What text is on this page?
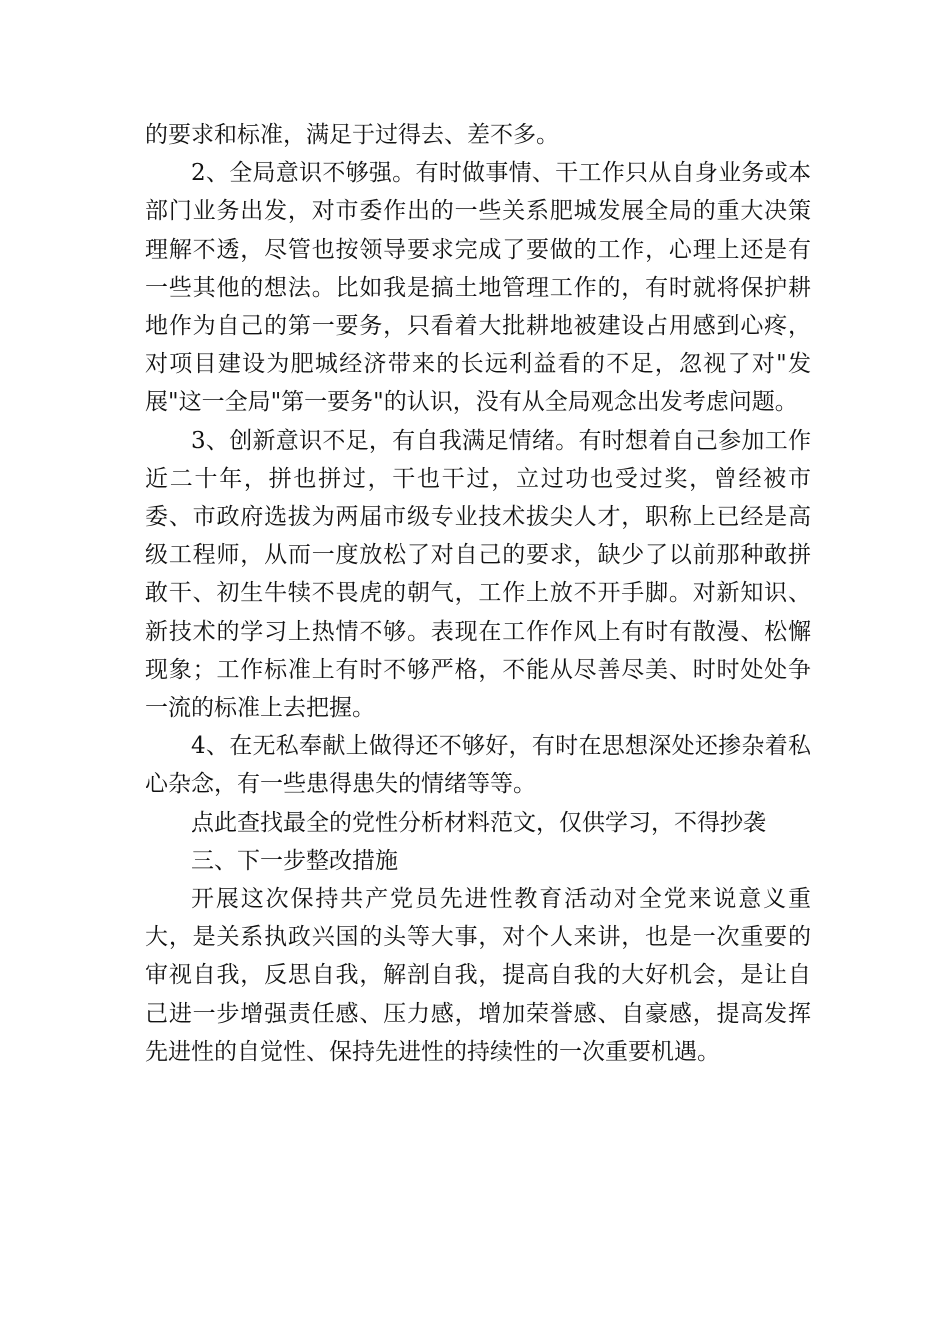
的要求和标准，满足于过得去、差不多。

2、全局意识不够强。有时做事情、干工作只从自身业务或本部门业务出发，对市委作出的一些关系肥城发展全局的重大决策理解不透，尽管也按领导要求完成了要做的工作，心理上还是有一些其他的想法。比如我是搞土地管理工作的，有时就将保护耕地作为自己的第一要务，只看着大批耕地被建设占用感到心疼，对项目建设为肥城经济带来的长远利益看的不足，忽视了对"发展"这一全局"第一要务"的认识，没有从全局观念出发考虑问题。

3、创新意识不足，有自我满足情绪。有时想着自己参加工作近二十年，拼也拼过，干也干过，立过功也受过奖，曾经被市委、市政府选拔为两届市级专业技术拔尖人才，职称上已经是高级工程师，从而一度放松了对自己的要求，缺少了以前那种敢拼敢干、初生牛犊不畏虎的朝气，工作上放不开手脚。对新知识、新技术的学习上热情不够。表现在工作作风上有时有散漫、松懈现象；工作标准上有时不够严格，不能从尽善尽美、时时处处争一流的标准上去把握。

4、在无私奉献上做得还不够好，有时在思想深处还掺杂着私心杂念，有一些患得患失的情绪等等。

点此查找最全的党性分析材料范文，仅供学习，不得抄袭

三、下一步整改措施

开展这次保持共产党员先进性教育活动对全党来说意义重大，是关系执政兴国的头等大事，对个人来讲，也是一次重要的审视自我，反思自我，解剖自我，提高自我的大好机会，是让自己进一步增强责任感、压力感，增加荣誉感、自豪感，提高发挥先进性的自觉性、保持先进性的持续性的一次重要机遇。
